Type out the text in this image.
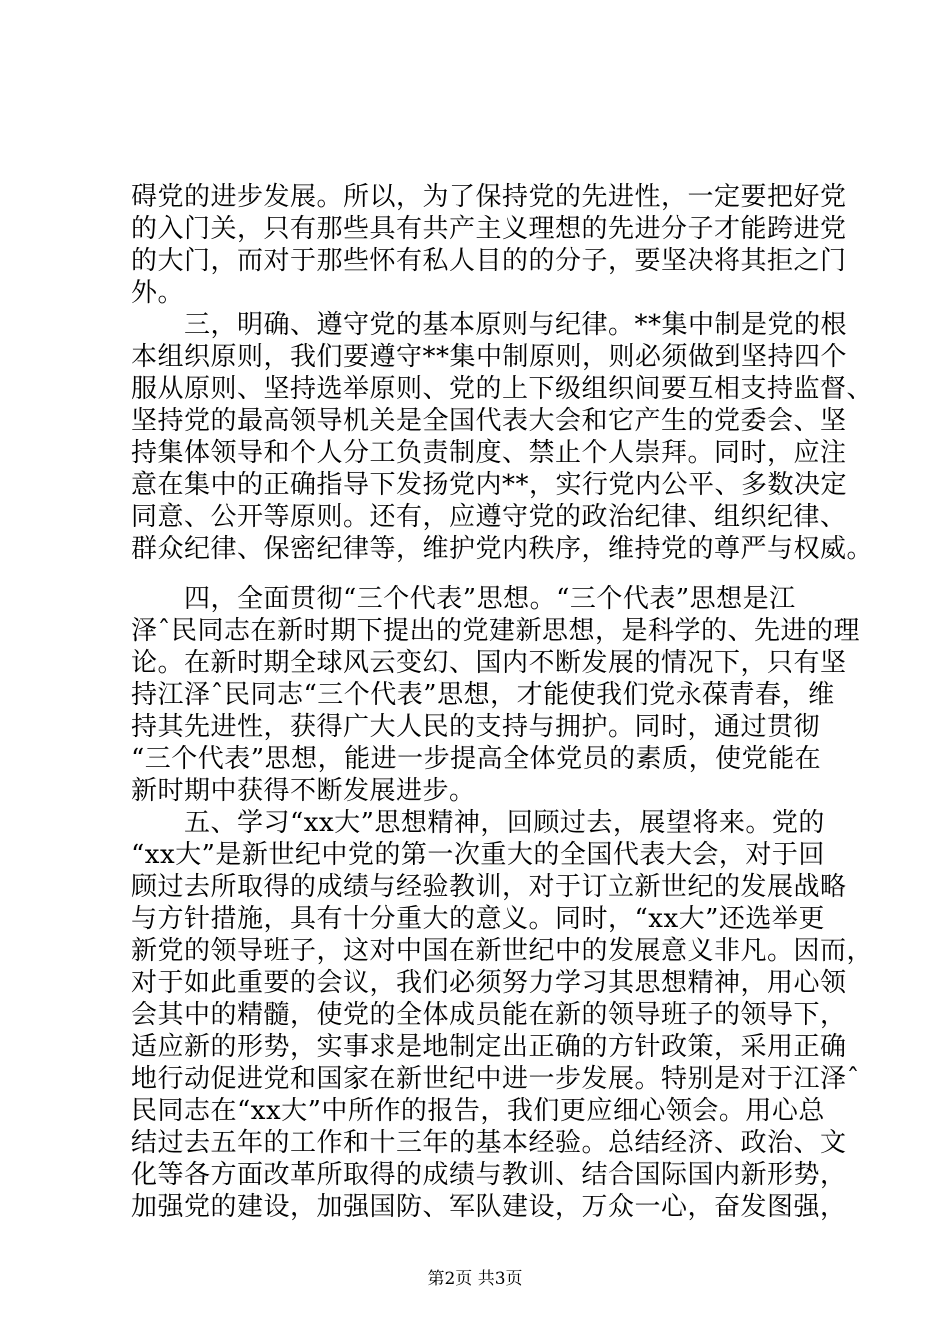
碍党的进步发展。所以，为了保持党的先进性，一定要把好党
的入门关，只有那些具有共产主义理想的先进分子才能跨进党
的大门，而对于那些怀有私人目的的分子，要坚决将其拒之门
外。
　　三，明确、遵守党的基本原则与纪律。**集中制是党的根
本组织原则，我们要遵守**集中制原则，则必须做到坚持四个
服从原则、坚持选举原则、党的上下级组织间要互相支持监督、
坚持党的最高领导机关是全国代表大会和它产生的党委会、坚
持集体领导和个人分工负责制度、禁止个人崇拜。同时，应注
意在集中的正确指导下发扬党内**，实行党内公平、多数决定
同意、公开等原则。还有，应遵守党的政治纪律、组织纪律、
群众纪律、保密纪律等，维护党内秩序，维持党的尊严与权威。
　　四，全面贯彻“三个代表”思想。“三个代表”思想是江
泽ˆ民同志在新时期下提出的党建新思想，是科学的、先进的理
论。在新时期全球风云变幻、国内不断发展的情况下，只有坚
持江泽ˆ民同志“三个代表”思想，才能使我们党永葆青春，维
持其先进性，获得广大人民的支持与拥护。同时，通过贯彻
“三个代表”思想，能进一步提高全体党员的素质，使党能在
新时期中获得不断发展进步。
　　五、学习“xx大”思想精神，回顾过去，展望将来。党的
“xx大”是新世纪中党的第一次重大的全国代表大会，对于回
顾过去所取得的成绩与经验教训，对于订立新世纪的发展战略
与方针措施，具有十分重大的意义。同时，“xx大”还选举更
新党的领导班子，这对中国在新世纪中的发展意义非凡。因而，
对于如此重要的会议，我们必须努力学习其思想精神，用心领
会其中的精髓，使党的全体成员能在新的领导班子的领导下，
适应新的形势，实事求是地制定出正确的方针政策，采用正确
地行动促进党和国家在新世纪中进一步发展。特别是对于江泽ˆ
民同志在“xx大”中所作的报告，我们更应细心领会。用心总
结过去五年的工作和十三年的基本经验。总结经济、政治、文
化等各方面改革所取得的成绩与教训、结合国际国内新形势，
加强党的建设，加强国防、军队建设，万众一心，奋发图强，
第2页 共3页
